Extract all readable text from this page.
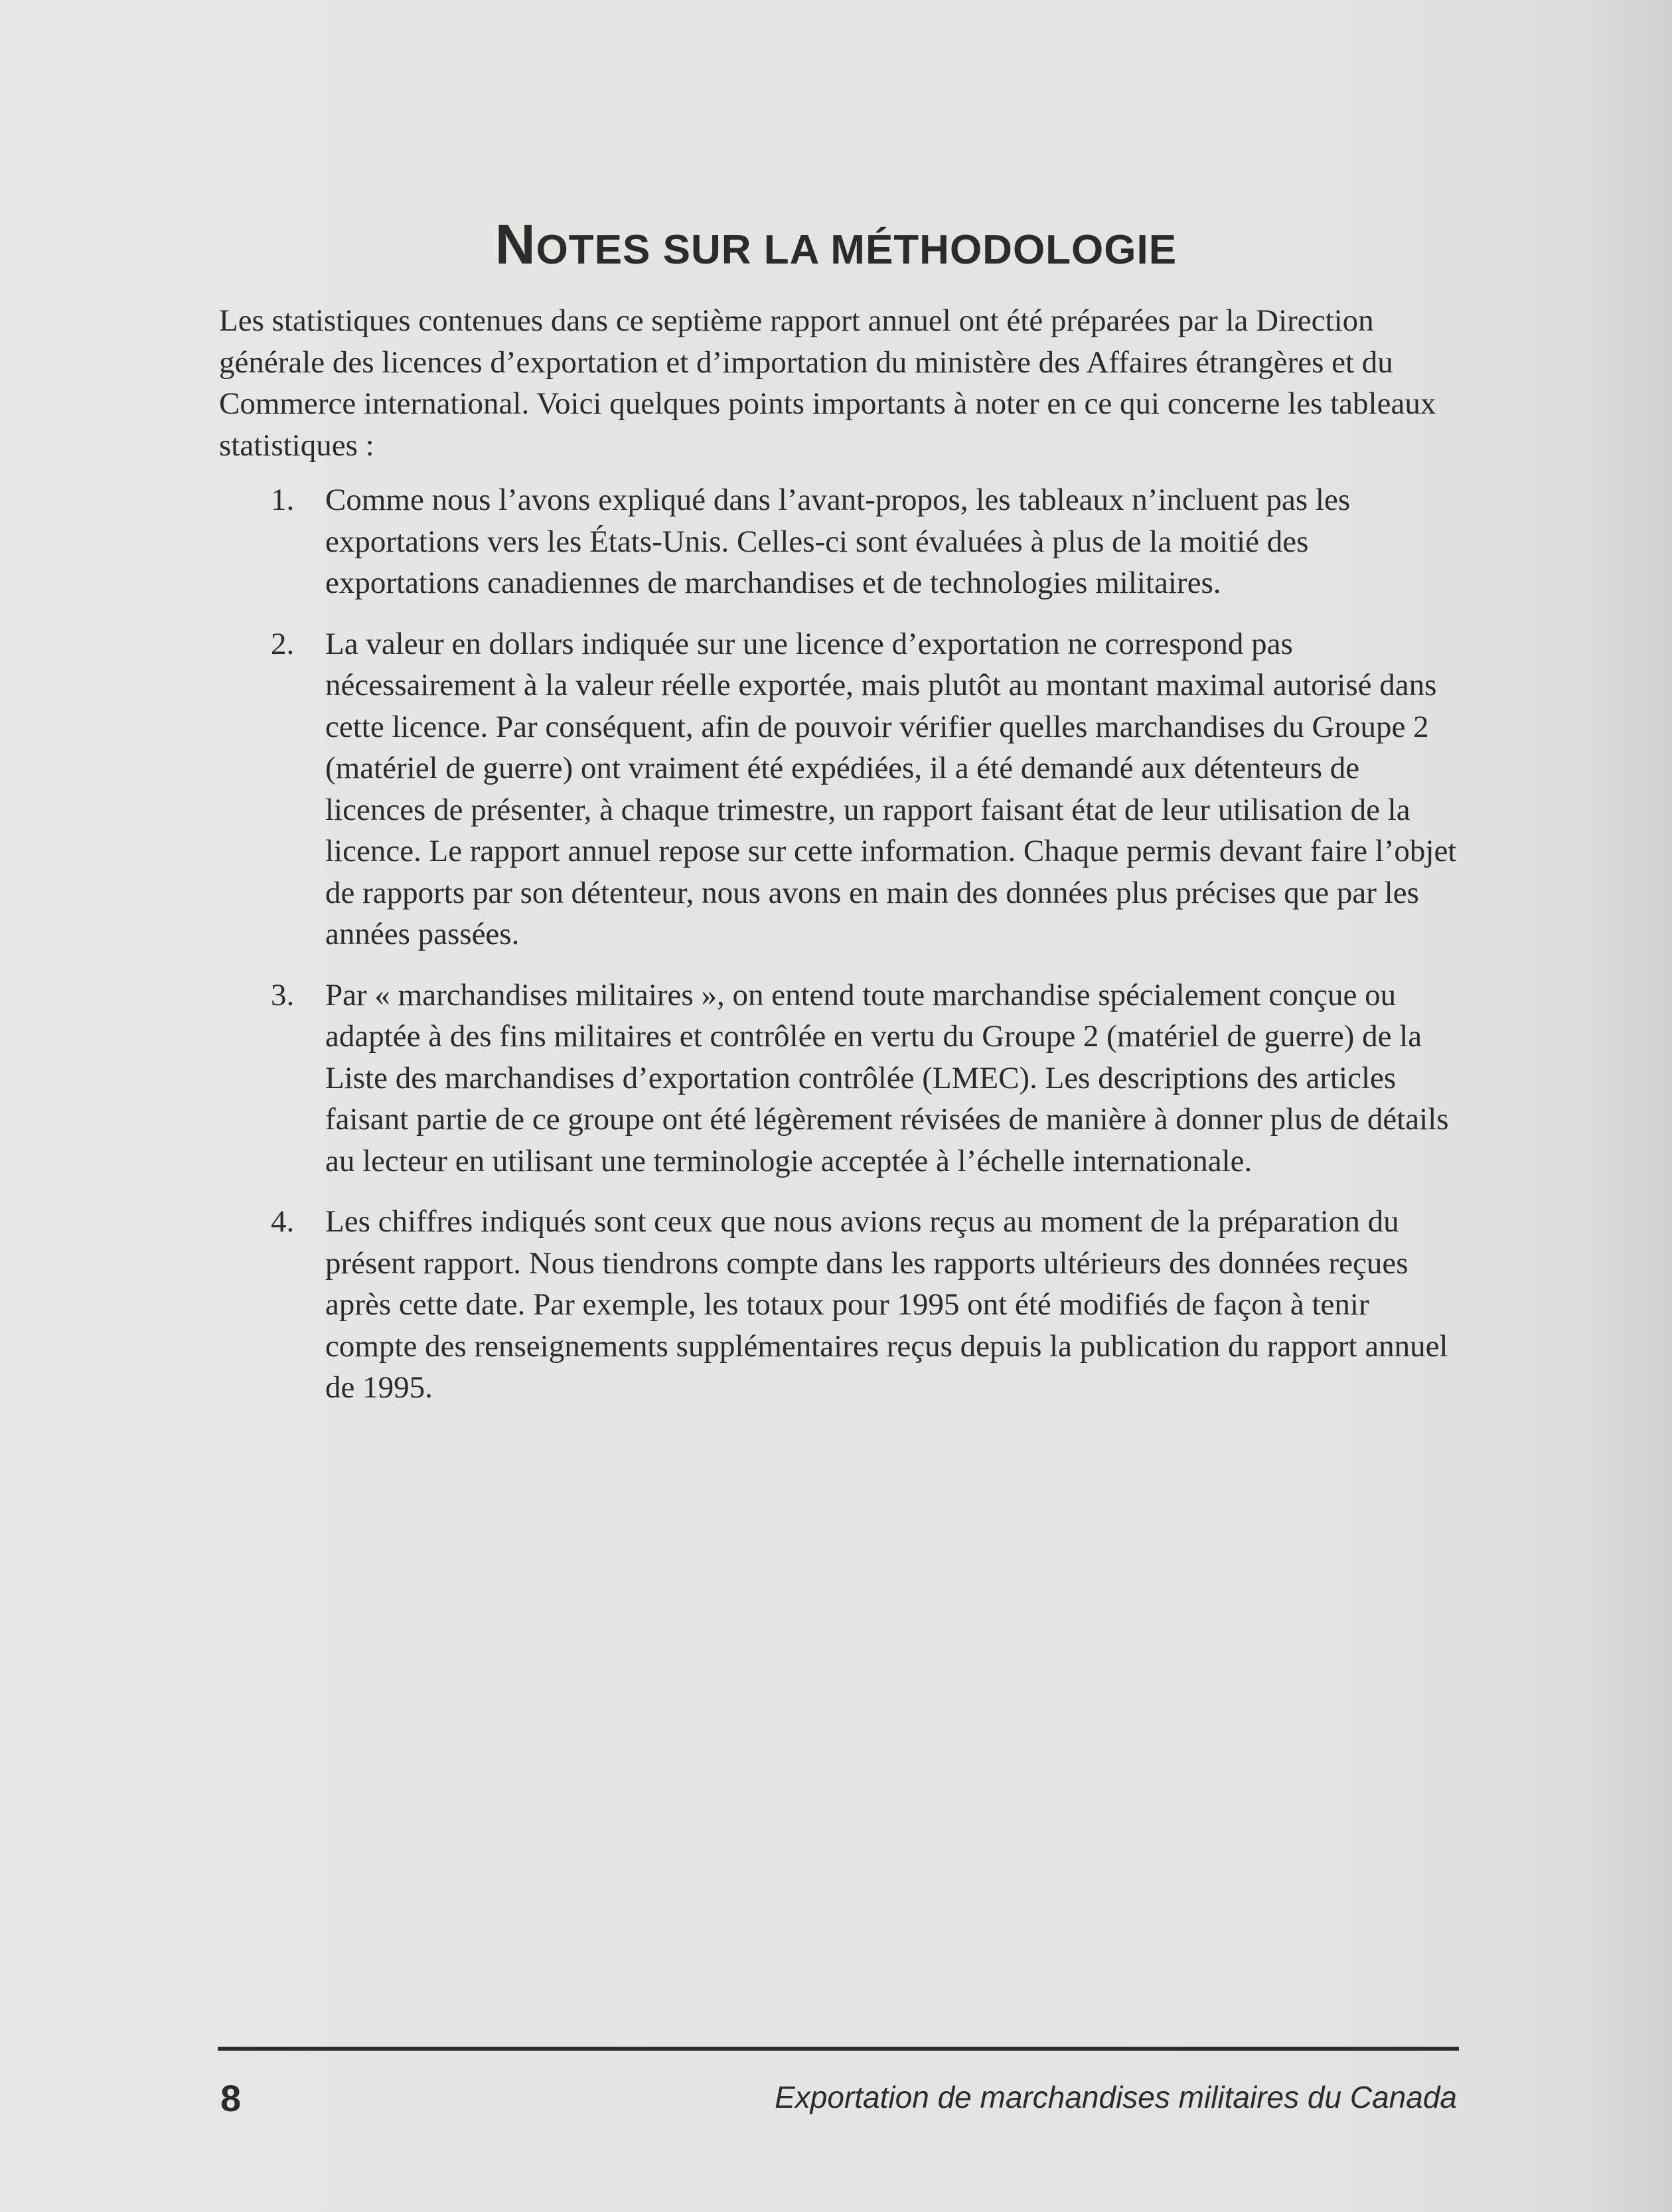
NOTES SUR LA MÉTHODOLOGIE

Les statistiques contenues dans ce septième rapport annuel ont été préparées par la Direction générale des licences d’exportation et d’importation du ministère des Affaires étrangères et du Commerce international. Voici quelques points importants à noter en ce qui concerne les tableaux statistiques :

1. Comme nous l’avons expliqué dans l’avant-propos, les tableaux n’incluent pas les exportations vers les États-Unis. Celles-ci sont évaluées à plus de la moitié des exportations canadiennes de marchandises et de technologies militaires.
2. La valeur en dollars indiquée sur une licence d’exportation ne correspond pas nécessairement à la valeur réelle exportée, mais plutôt au montant maximal autorisé dans cette licence. Par conséquent, afin de pouvoir vérifier quelles marchandises du Groupe 2 (matériel de guerre) ont vraiment été expédiées, il a été demandé aux détenteurs de licences de présenter, à chaque trimestre, un rapport faisant état de leur utilisation de la licence. Le rapport annuel repose sur cette information. Chaque permis devant faire l’objet de rapports par son détenteur, nous avons en main des données plus précises que par les années passées.
3. Par « marchandises militaires », on entend toute marchandise spécialement conçue ou adaptée à des fins militaires et contrôlée en vertu du Groupe 2 (matériel de guerre) de la Liste des marchandises d’exportation contrôlée (LMEC). Les descriptions des articles faisant partie de ce groupe ont été légèrement révisées de manière à donner plus de détails au lecteur en utilisant une terminologie acceptée à l’échelle internationale.
4. Les chiffres indiqués sont ceux que nous avions reçus au moment de la préparation du présent rapport. Nous tiendrons compte dans les rapports ultérieurs des données reçues après cette date. Par exemple, les totaux pour 1995 ont été modifiés de façon à tenir compte des renseignements supplémentaires reçus depuis la publication du rapport annuel de 1995.
8	Exportation de marchandises militaires du Canada
